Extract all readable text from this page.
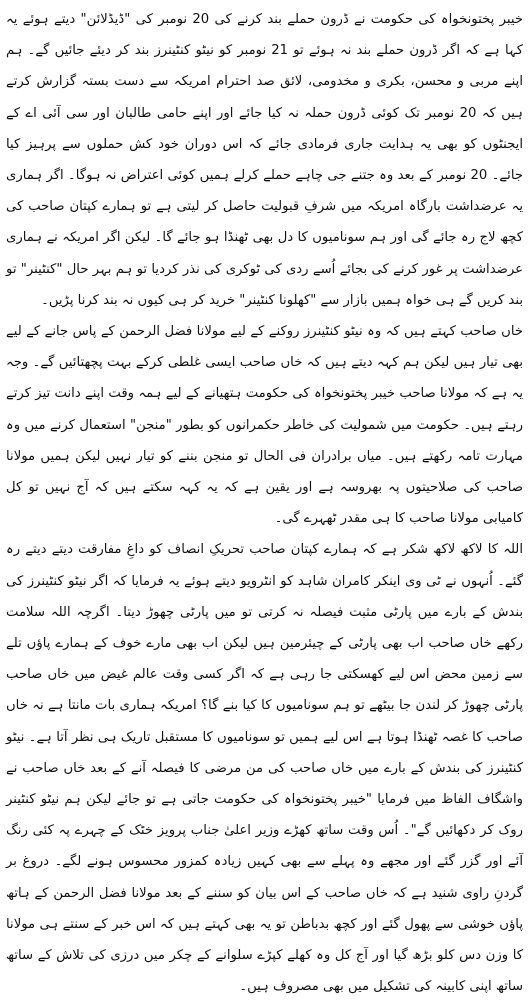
خیبر پختونخواہ کی حکومت نے ڈرون حملے بند کرنے کی 20 نومبر کی "ڈیڈلائن" دیتے ہوئے یہ کہا ہے کہ اگر ڈرون حملے بند نہ ہوئے تو 21 نومبر کو نیٹو کنٹینرز بند کر دیئے جائیں گے۔ ہم اپنے مربی و محسن، بکری و مخدومی، لائق صد احترام امریکہ سے دست بستہ گزارش کرتے ہیں کہ 20 نومبر تک کوئی ڈرون حملہ نہ کیا جائے اور اپنے حامی طالبان اور سی آئی اے کے ایجنٹوں کو بھی یہ ہدایت جاری فرمادی جائے کہ اس دوران خود کش حملوں سے پرہیز کیا جائے۔ 20 نومبر کے بعد وہ جتنے جی چاہے حملے کرلے ہمیں کوئی اعتراض نہ ہوگا۔ اگر ہماری یہ عرضداشت بارگاہ امریکہ میں شرفِ قبولیت حاصل کر لیتی ہے تو ہمارے کپتان صاحب کی کچھ لاج رہ جائے گی اور ہم سونامیوں کا دل بھی ٹھنڈا ہو جائے گا۔ لیکن اگر امریکہ نے ہماری عرضداشت پر غور کرنے کی بجائے اُسے ردی کی ٹوکری کی نذر کردیا تو ہم بہر حال "کنٹینر" تو بند کریں گے ہی خواہ ہمیں بازار سے "کھلونا کنٹینر" خرید کر ہی کیوں نہ بند کرنا پڑیں۔

خاں صاحب کہتے ہیں کہ وہ نیٹو کنٹینرز روکنے کے لیے مولانا فضل الرحمن کے پاس جانے کے لیے بھی تیار ہیں لیکن ہم کہہ دیتے ہیں کہ خاں صاحب ایسی غلطی کرکے بہت پچھتائیں گے۔ وجہ یہ ہے کہ مولانا صاحب خیبر پختونخواہ کی حکومت ہتھیانے کے لیے ہمہ وقت اپنے دانت تیز کرتے رہتے ہیں۔ حکومت میں شمولیت کی خاطر حکمرانوں کو بطور "منجن" استعمال کرنے میں وہ مہارت تامہ رکھتے ہیں۔ میاں برادران فی الحال تو منجن بننے کو تیار نہیں لیکن ہمیں مولانا صاحب کی صلاحیتوں پہ بھروسہ ہے اور یقین ہے کہ یہ کہہ سکتے ہیں کہ آج نہیں تو کل کامیابی مولانا صاحب کا ہی مقدر ٹھہرے گی۔

اللہ کا لاکھ لاکھ شکر ہے کہ ہمارے کپتان صاحب تحریکِ انصاف کو داغِ مفارقت دیتے دیتے رہ گئے۔ اُنہوں نے ٹی وی اینکر کامران شاہد کو انٹرویو دیتے ہوئے یہ فرمایا کہ اگر نیٹو کنٹینرز کی بندش کے بارے میں پارٹی مثبت فیصلہ نہ کرتی تو میں پارٹی چھوڑ دیتا۔ اگرچہ اللہ سلامت رکھے خاں صاحب اب بھی پارٹی کے چیئرمین ہیں لیکن اب بھی مارے خوف کے ہمارے پاؤں تلے سے زمین محض اس لیے کھسکتی جا رہی ہے کہ اگر کسی وقت عالم غیض میں خاں صاحب پارٹی چھوڑ کر لندن جا بیٹھے تو ہم سونامیوں کا کیا بنے گا؟ امریکہ ہماری بات مانتا ہے نہ خاں صاحب کا غصہ ٹھنڈا ہوتا ہے اس لیے ہمیں تو سونامیوں کا مستقبل تاریک ہی نظر آتا ہے۔ نیٹو کنٹینرز کی بندش کے بارے میں خاں صاحب کی من مرضی کا فیصلہ آنے کے بعد خاں صاحب نے واشگاف الفاظ میں فرمایا "خیبر پختونخواہ کی حکومت جاتی ہے تو جائے لیکن ہم نیٹو کنٹینر روک کر دکھائیں گے"۔ اُس وقت ساتھ کھڑے وزیر اعلیٰ جناب پرویز خٹک کے چہرے پہ کئی رنگ آئے اور گزر گئے اور مجھے وہ پہلے سے بھی کہیں زیادہ کمزور محسوس ہونے لگے۔ دروغ بر گردنِ راوی شنید ہے کہ خاں صاحب کے اس بیان کو سننے کے بعد مولانا فضل الرحمن کے ہاتھ پاؤں خوشی سے پھول گئے اور کچھ بدباطن تو یہ بھی کہتے ہیں کہ اس خبر کے سنتے ہی مولانا کا وزن دس کلو بڑھ گیا اور آج کل وہ کھلے کپڑے سلوانے کے چکر میں درزی کی تلاش کے ساتھ ساتھ اپنی کابینہ کی تشکیل میں بھی مصروف ہیں۔
